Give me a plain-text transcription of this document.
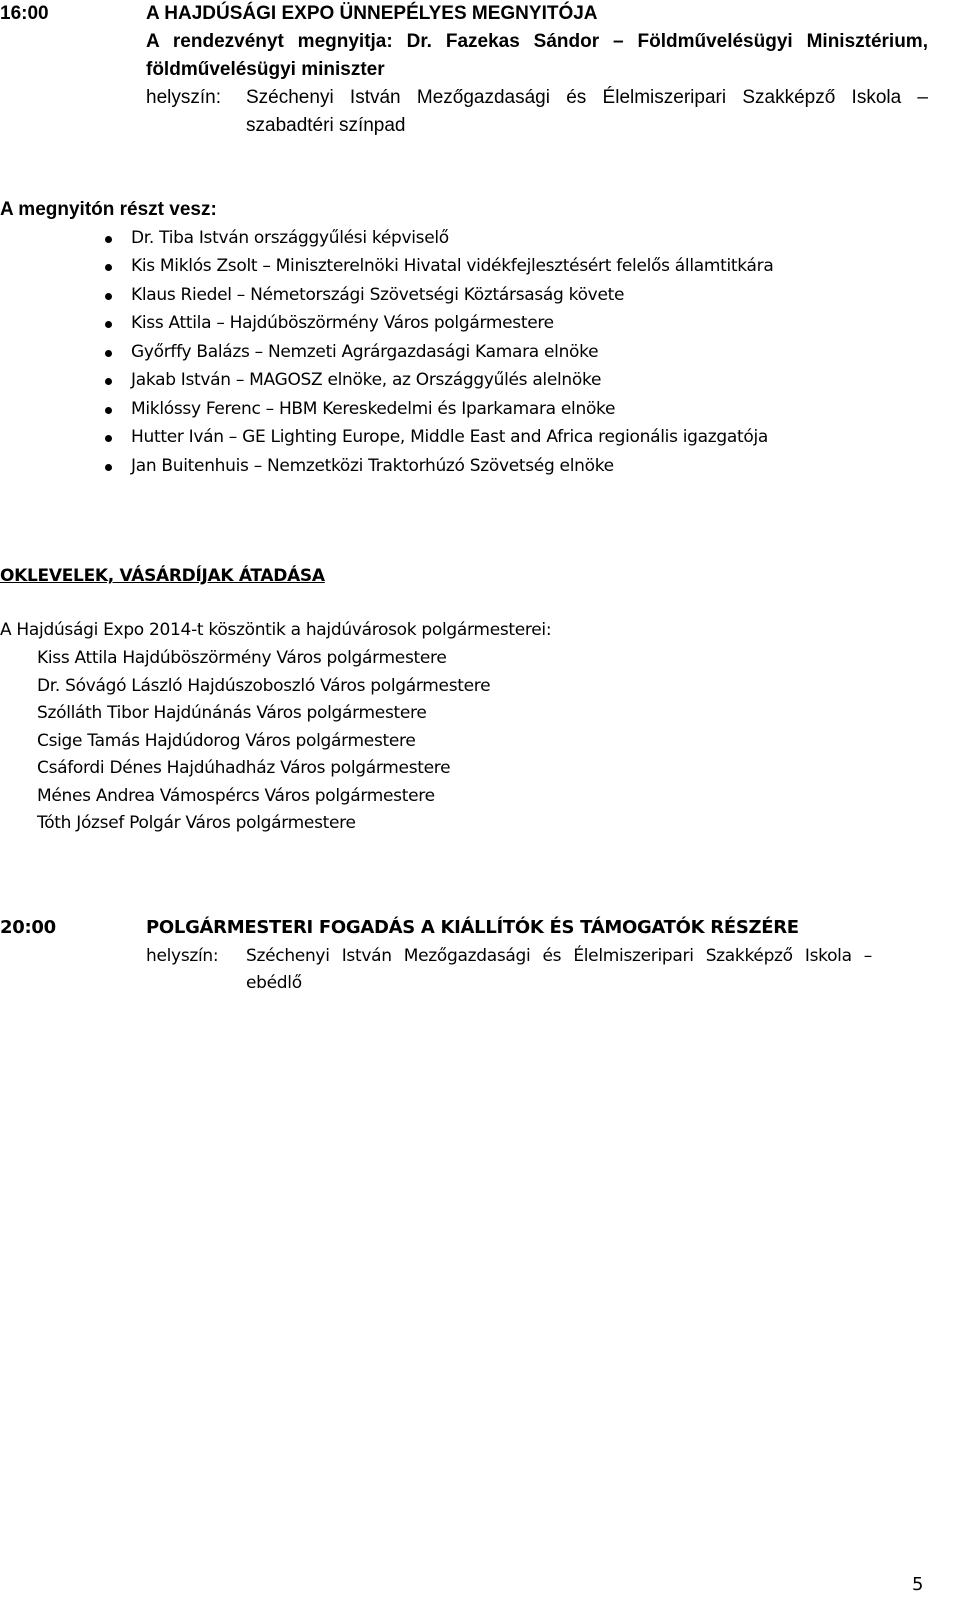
16:00	A HAJDÚSÁGI EXPO ÜNNEPÉLYES MEGNYITÓJA
A rendezvényt megnyitja: Dr. Fazekas Sándor – Földművelésügyi Minisztérium,
földművelésügyi miniszter
helyszín: Széchenyi István Mezőgazdasági és Élelmiszeripari Szakképző Iskola –
szabadtéri színpad
A megnyitón részt vesz:
Dr. Tiba István országgyűlési képviselő
Kis Miklós Zsolt – Miniszterelnöki Hivatal vidékfejlesztésért felelős államtitkára
Klaus Riedel – Németországi Szövetségi Köztársaság követe
Kiss Attila – Hajdúböszörmény Város polgármestere
Győrffy Balázs – Nemzeti Agrárgazdasági Kamara elnöke
Jakab István – MAGOSZ elnöke, az Országgyűlés alelnöke
Miklóssy Ferenc – HBM Kereskedelmi és Iparkamara elnöke
Hutter Iván – GE Lighting Europe, Middle East and Africa regionális igazgatója
Jan Buitenhuis – Nemzetközi Traktorhúzó Szövetség elnöke
OKLEVELEK, VÁSÁRDÍJAK ÁTADÁSA
A Hajdúsági Expo 2014-t köszöntik a hajdúvárosok polgármesterei:
Kiss Attila Hajdúböszörmény Város polgármestere
Dr. Sóvágó László Hajdúszoboszló Város polgármestere
Szólláth Tibor Hajdúnánás Város polgármestere
Csige Tamás Hajdúdorog Város polgármestere
Csáfordi Dénes Hajdúhadház Város polgármestere
Ménes Andrea Vámospércs Város polgármestere
Tóth József Polgár Város polgármestere
20:00	POLGÁRMESTERI FOGADÁS A KIÁLLÍTÓK ÉS TÁMOGATÓK RÉSZÉRE
helyszín: Széchenyi István Mezőgazdasági és Élelmiszeripari Szakképző Iskola –
ebédlő
5
